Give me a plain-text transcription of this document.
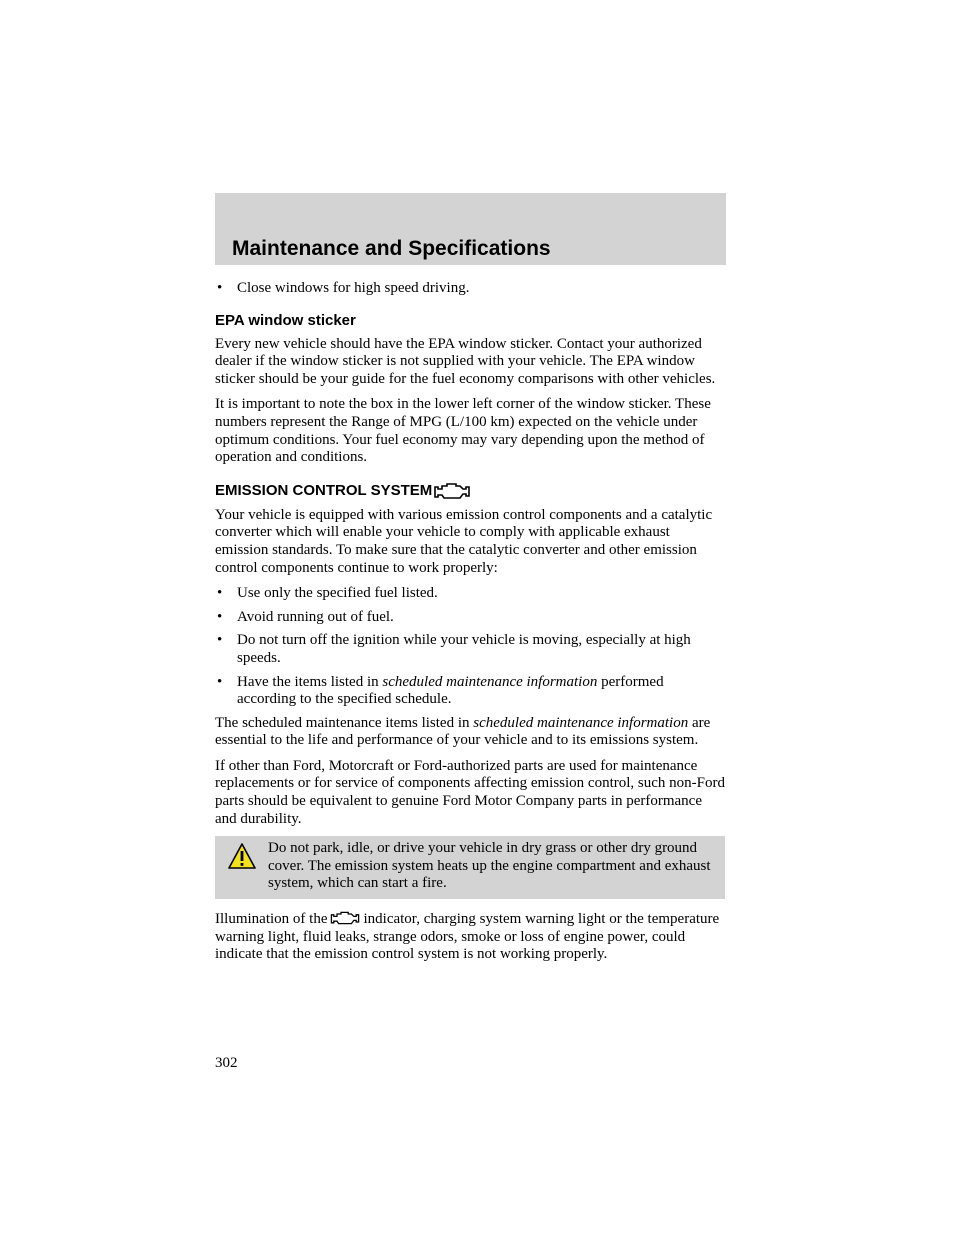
Maintenance and Specifications
• Close windows for high speed driving.
EPA window sticker

Every new vehicle should have the EPA window sticker. Contact your authorized dealer if the window sticker is not supplied with your vehicle. The EPA window sticker should be your guide for the fuel economy comparisons with other vehicles.

It is important to note the box in the lower left corner of the window sticker. These numbers represent the Range of MPG (L/100 km) expected on the vehicle under optimum conditions. Your fuel economy may vary depending upon the method of operation and conditions.

EMISSION CONTROL SYSTEM

Your vehicle is equipped with various emission control components and a catalytic converter which will enable your vehicle to comply with applicable exhaust emission standards. To make sure that the catalytic converter and other emission control components continue to work properly:

• Use only the specified fuel listed.
• Avoid running out of fuel.
• Do not turn off the ignition while your vehicle is moving, especially at high speeds.
• Have the items listed in scheduled maintenance information performed according to the specified schedule.

The scheduled maintenance items listed in scheduled maintenance information are essential to the life and performance of your vehicle and to its emissions system.

If other than Ford, Motorcraft or Ford-authorized parts are used for maintenance replacements or for service of components affecting emission control, such non-Ford parts should be equivalent to genuine Ford Motor Company parts in performance and durability.

Do not park, idle, or drive your vehicle in dry grass or other dry ground cover. The emission system heats up the engine compartment and exhaust system, which can start a fire.

Illumination of the indicator, charging system warning light or the temperature warning light, fluid leaks, strange odors, smoke or loss of engine power, could indicate that the emission control system is not working properly.

302
